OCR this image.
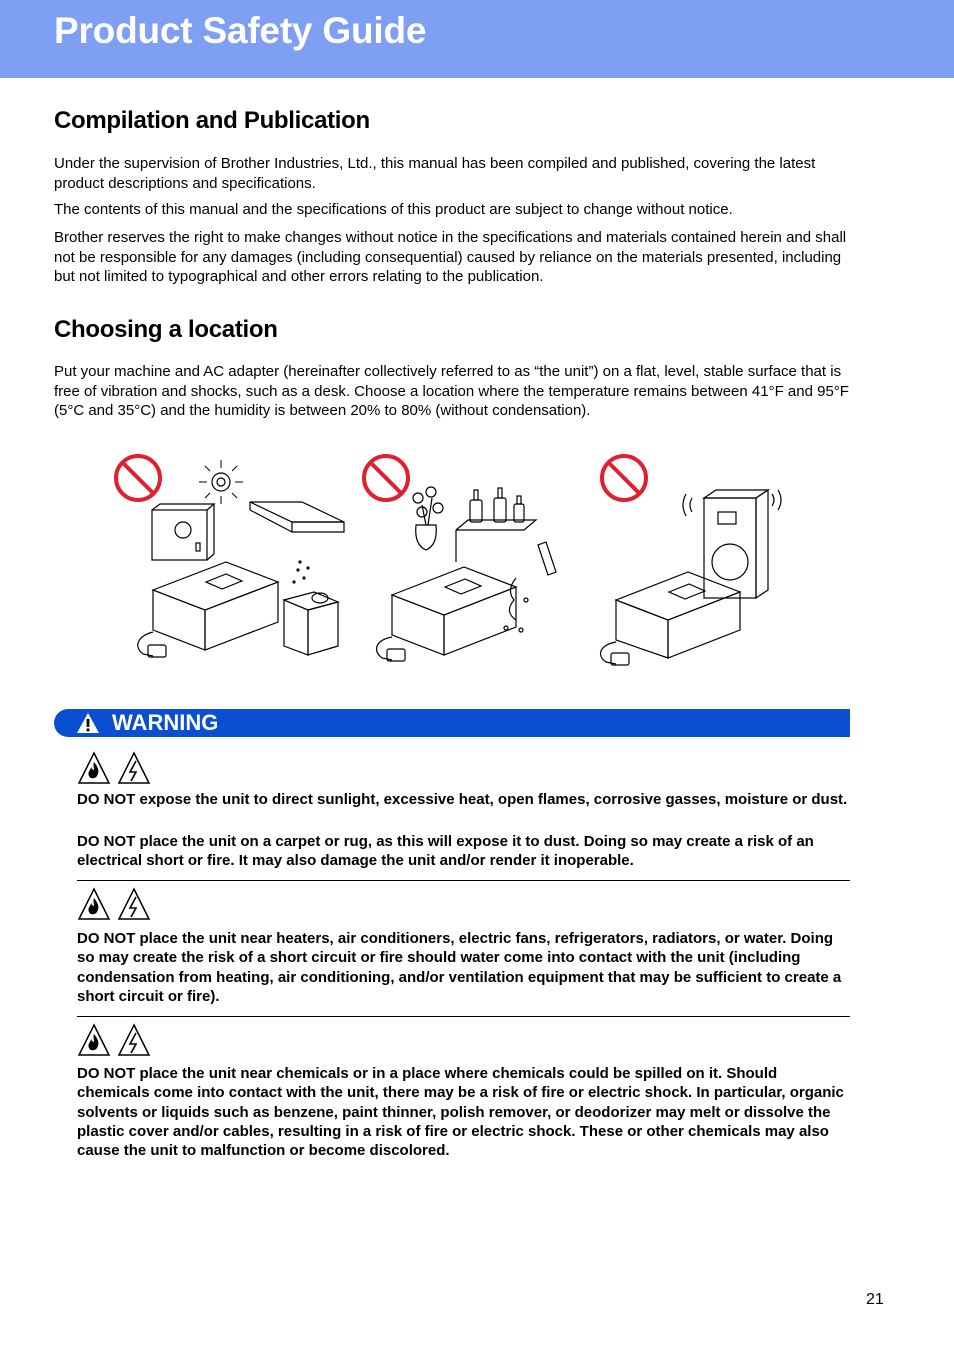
Product Safety Guide
Compilation and Publication

Under the supervision of Brother Industries, Ltd., this manual has been compiled and published, covering the latest product descriptions and specifications.

The contents of this manual and the specifications of this product are subject to change without notice.

Brother reserves the right to make changes without notice in the specifications and materials contained herein and shall not be responsible for any damages (including consequential) caused by reliance on the materials presented, including but not limited to typographical and other errors relating to the publication.

Choosing a location

Put your machine and AC adapter (hereinafter collectively referred to as “the unit”) on a flat, level, stable surface that is free of vibration and shocks, such as a desk. Choose a location where the temperature remains between 41°F and 95°F (5°C and 35°C) and the humidity is between 20% to 80% (without condensation).

WARNING

DO NOT expose the unit to direct sunlight, excessive heat, open flames, corrosive gasses, moisture or dust.

DO NOT place the unit on a carpet or rug, as this will expose it to dust. Doing so may create a risk of an electrical short or fire. It may also damage the unit and/or render it inoperable.

DO NOT place the unit near heaters, air conditioners, electric fans, refrigerators, radiators, or water. Doing so may create the risk of a short circuit or fire should water come into contact with the unit (including condensation from heating, air conditioning, and/or ventilation equipment that may be sufficient to create a short circuit or fire).

DO NOT place the unit near chemicals or in a place where chemicals could be spilled on it. Should chemicals come into contact with the unit, there may be a risk of fire or electric shock. In particular, organic solvents or liquids such as benzene, paint thinner, polish remover, or deodorizer may melt or dissolve the plastic cover and/or cables, resulting in a risk of fire or electric shock. These or other chemicals may also cause the unit to malfunction or become discolored.

21
